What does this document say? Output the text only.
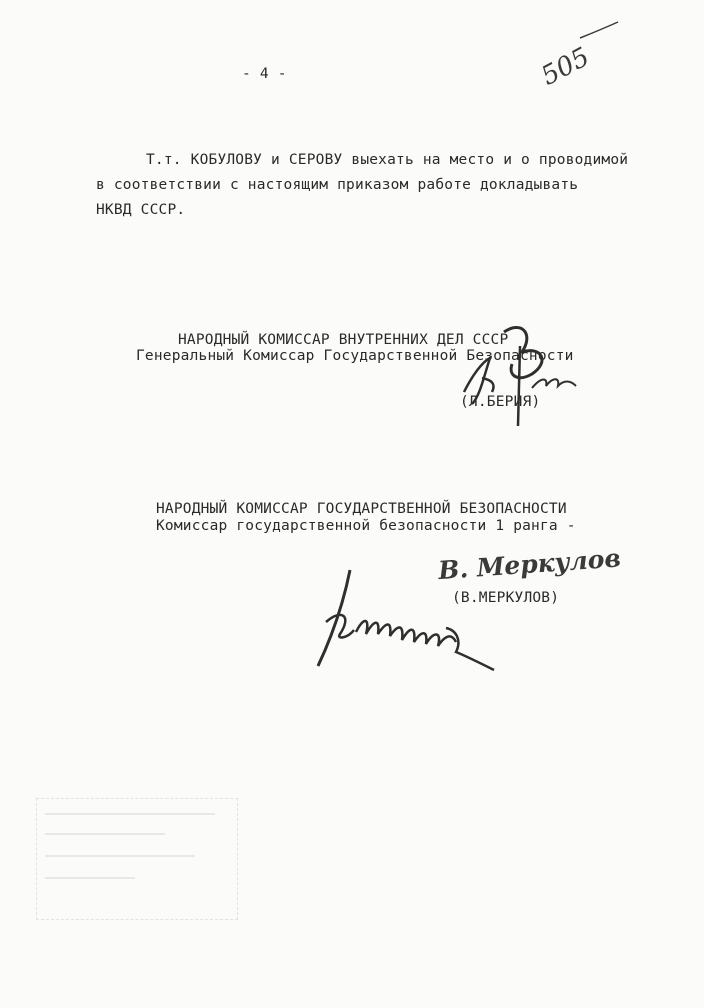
- 4 -	505
Т.т. КОБУЛОВУ и СЕРОВУ выехать на место и о проводимой
в соответствии с настоящим приказом работе докладывать
НКВД СССР.
НАРОДНЫЙ КОМИССАР ВНУТРЕННИХ ДЕЛ СССР
Генеральный Комиссар Государственной Безопасности
(Л.БЕРИЯ)
НАРОДНЫЙ КОМИССАР ГОСУДАРСТВЕННОЙ БЕЗОПАСНОСТИ
Комиссар государственной безопасности 1 ранга -
В. Меркулов
(В.МЕРКУЛОВ)
